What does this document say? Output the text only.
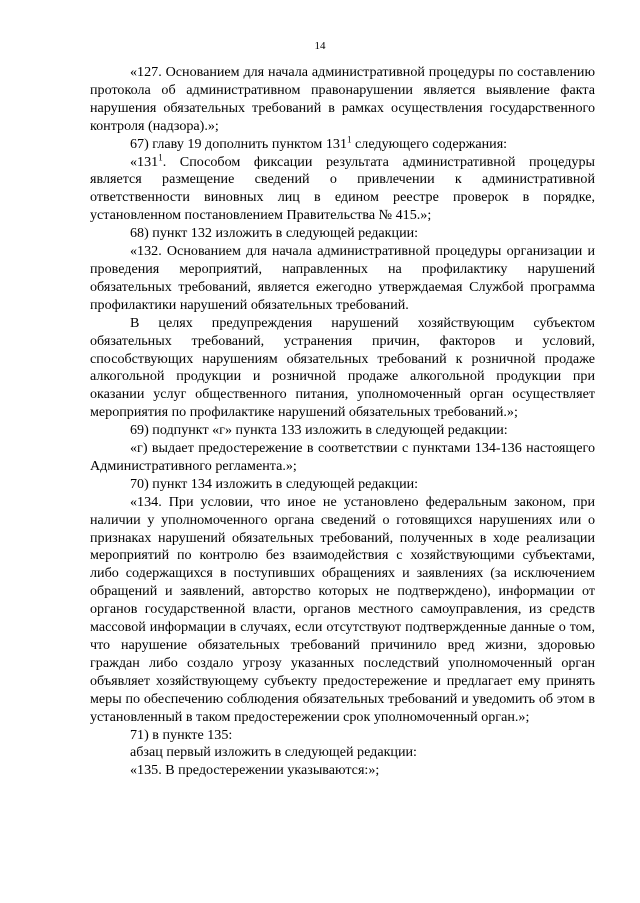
14

«127. Основанием для начала административной процедуры по составлению протокола об административном правонарушении является выявление факта нарушения обязательных требований в рамках осуществления государственного контроля (надзора).»;

67) главу 19 дополнить пунктом $131^1$ следующего содержания:

«$131^1$. Способом фиксации результата административной процедуры является размещение сведений о привлечении к административной ответственности виновных лиц в едином реестре проверок в порядке, установленном постановлением Правительства № 415.»;

68) пункт 132 изложить в следующей редакции:

«132. Основанием для начала административной процедуры организации и проведения мероприятий, направленных на профилактику нарушений обязательных требований, является ежегодно утверждаемая Службой программа профилактики нарушений обязательных требований.

В целях предупреждения нарушений хозяйствующим субъектом обязательных требований, устранения причин, факторов и условий, способствующих нарушениям обязательных требований к розничной продаже алкогольной продукции и розничной продаже алкогольной продукции при оказании услуг общественного питания, уполномоченный орган осуществляет мероприятия по профилактике нарушений обязательных требований.»;

69) подпункт «г» пункта 133 изложить в следующей редакции:

«г) выдает предостережение в соответствии с пунктами 134-136 настоящего Административного регламента.»;

70) пункт 134 изложить в следующей редакции:

«134. При условии, что иное не установлено федеральным законом, при наличии у уполномоченного органа сведений о готовящихся нарушениях или о признаках нарушений обязательных требований, полученных в ходе реализации мероприятий по контролю без взаимодействия с хозяйствующими субъектами, либо содержащихся в поступивших обращениях и заявлениях (за исключением обращений и заявлений, авторство которых не подтверждено), информации от органов государственной власти, органов местного самоуправления, из средств массовой информации в случаях, если отсутствуют подтвержденные данные о том, что нарушение обязательных требований причинило вред жизни, здоровью граждан либо создало угрозу указанных последствий уполномоченный орган объявляет хозяйствующему субъекту предостережение и предлагает ему принять меры по обеспечению соблюдения обязательных требований и уведомить об этом в установленный в таком предостережении срок уполномоченный орган.»;

71) в пункте 135:

абзац первый изложить в следующей редакции:

«135. В предостережении указываются:»;
